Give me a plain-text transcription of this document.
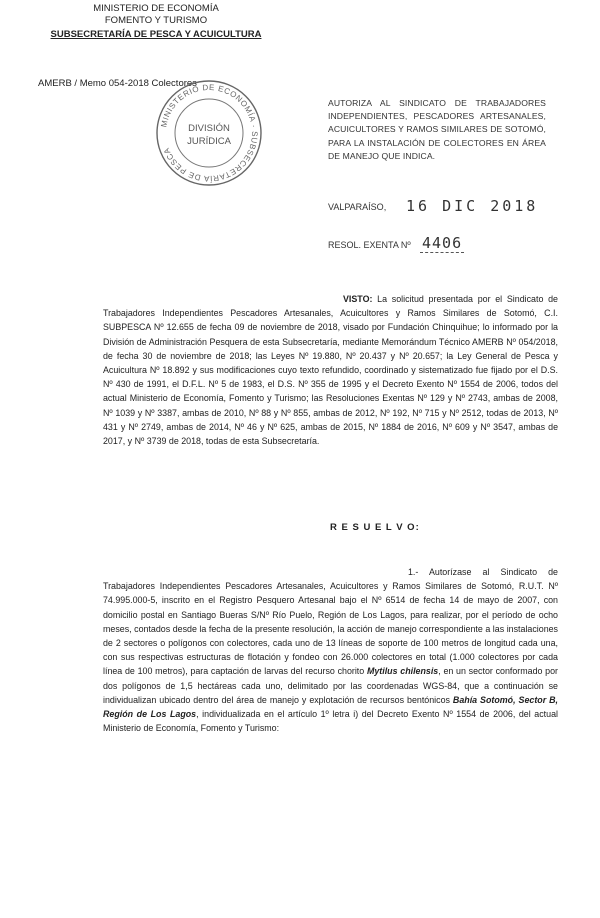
MINISTERIO DE ECONOMÍA
FOMENTO Y TURISMO
SUBSECRETARÍA DE PESCA Y ACUICULTURA
AMERB / Memo 054-2018 Colectores
MINISTERIO DE ECONOMÍA · SUBSECRETARÍA DE PESCA
DIVISIÓN
JURÍDICA
AUTORIZA AL SINDICATO DE TRABAJADORES INDEPENDIENTES, PESCADORES ARTESANALES, ACUICULTORES Y RAMOS SIMILARES DE SOTOMÓ, PARA LA INSTALACIÓN DE COLECTORES EN ÁREA DE MANEJO QUE INDICA.
VALPARAÍSO, 16 DIC 2018
RESOL. EXENTA Nº 4406
VISTO: La solicitud presentada por el Sindicato de Trabajadores Independientes Pescadores Artesanales, Acuicultores y Ramos Similares de Sotomó, C.I. SUBPESCA Nº 12.655 de fecha 09 de noviembre de 2018, visado por Fundación Chinquihue; lo informado por la División de Administración Pesquera de esta Subsecretaría, mediante Memorándum Técnico AMERB Nº 054/2018, de fecha 30 de noviembre de 2018; las Leyes Nº 19.880, Nº 20.437 y Nº 20.657; la Ley General de Pesca y Acuicultura Nº 18.892 y sus modificaciones cuyo texto refundido, coordinado y sistematizado fue fijado por el D.S. Nº 430 de 1991, el D.F.L. Nº 5 de 1983, el D.S. Nº 355 de 1995 y el Decreto Exento Nº 1554 de 2006, todos del actual Ministerio de Economía, Fomento y Turismo; las Resoluciones Exentas Nº 129 y Nº 2743, ambas de 2008, Nº 1039 y Nº 3387, ambas de 2010, Nº 88 y Nº 855, ambas de 2012, Nº 192, Nº 715 y Nº 2512, todas de 2013, Nº 431 y Nº 2749, ambas de 2014, Nº 46 y Nº 625, ambas de 2015, Nº 1884 de 2016, Nº 609 y Nº 3547, ambas de 2017, y Nº 3739 de 2018, todas de esta Subsecretaría.
R E S U E L V O:
1.- Autorízase al Sindicato de Trabajadores Independientes Pescadores Artesanales, Acuicultores y Ramos Similares de Sotomó, R.U.T. Nº 74.995.000-5, inscrito en el Registro Pesquero Artesanal bajo el Nº 6514 de fecha 14 de mayo de 2007, con domicilio postal en Santiago Bueras S/Nº Río Puelo, Región de Los Lagos, para realizar, por el período de ocho meses, contados desde la fecha de la presente resolución, la acción de manejo correspondiente a las instalaciones de 2 sectores o polígonos con colectores, cada uno de 13 líneas de soporte de 100 metros de longitud cada una, con sus respectivas estructuras de flotación y fondeo con 26.000 colectores en total (1.000 colectores por cada línea de 100 metros), para captación de larvas del recurso chorito Mytilus chilensis, en un sector conformado por dos polígonos de 1,5 hectáreas cada uno, delimitado por las coordenadas WGS-84, que a continuación se individualizan ubicado dentro del área de manejo y explotación de recursos bentónicos Bahía Sotomó, Sector B, Región de Los Lagos, individualizada en el artículo 1º letra i) del Decreto Exento Nº 1554 de 2006, del actual Ministerio de Economía, Fomento y Turismo:
